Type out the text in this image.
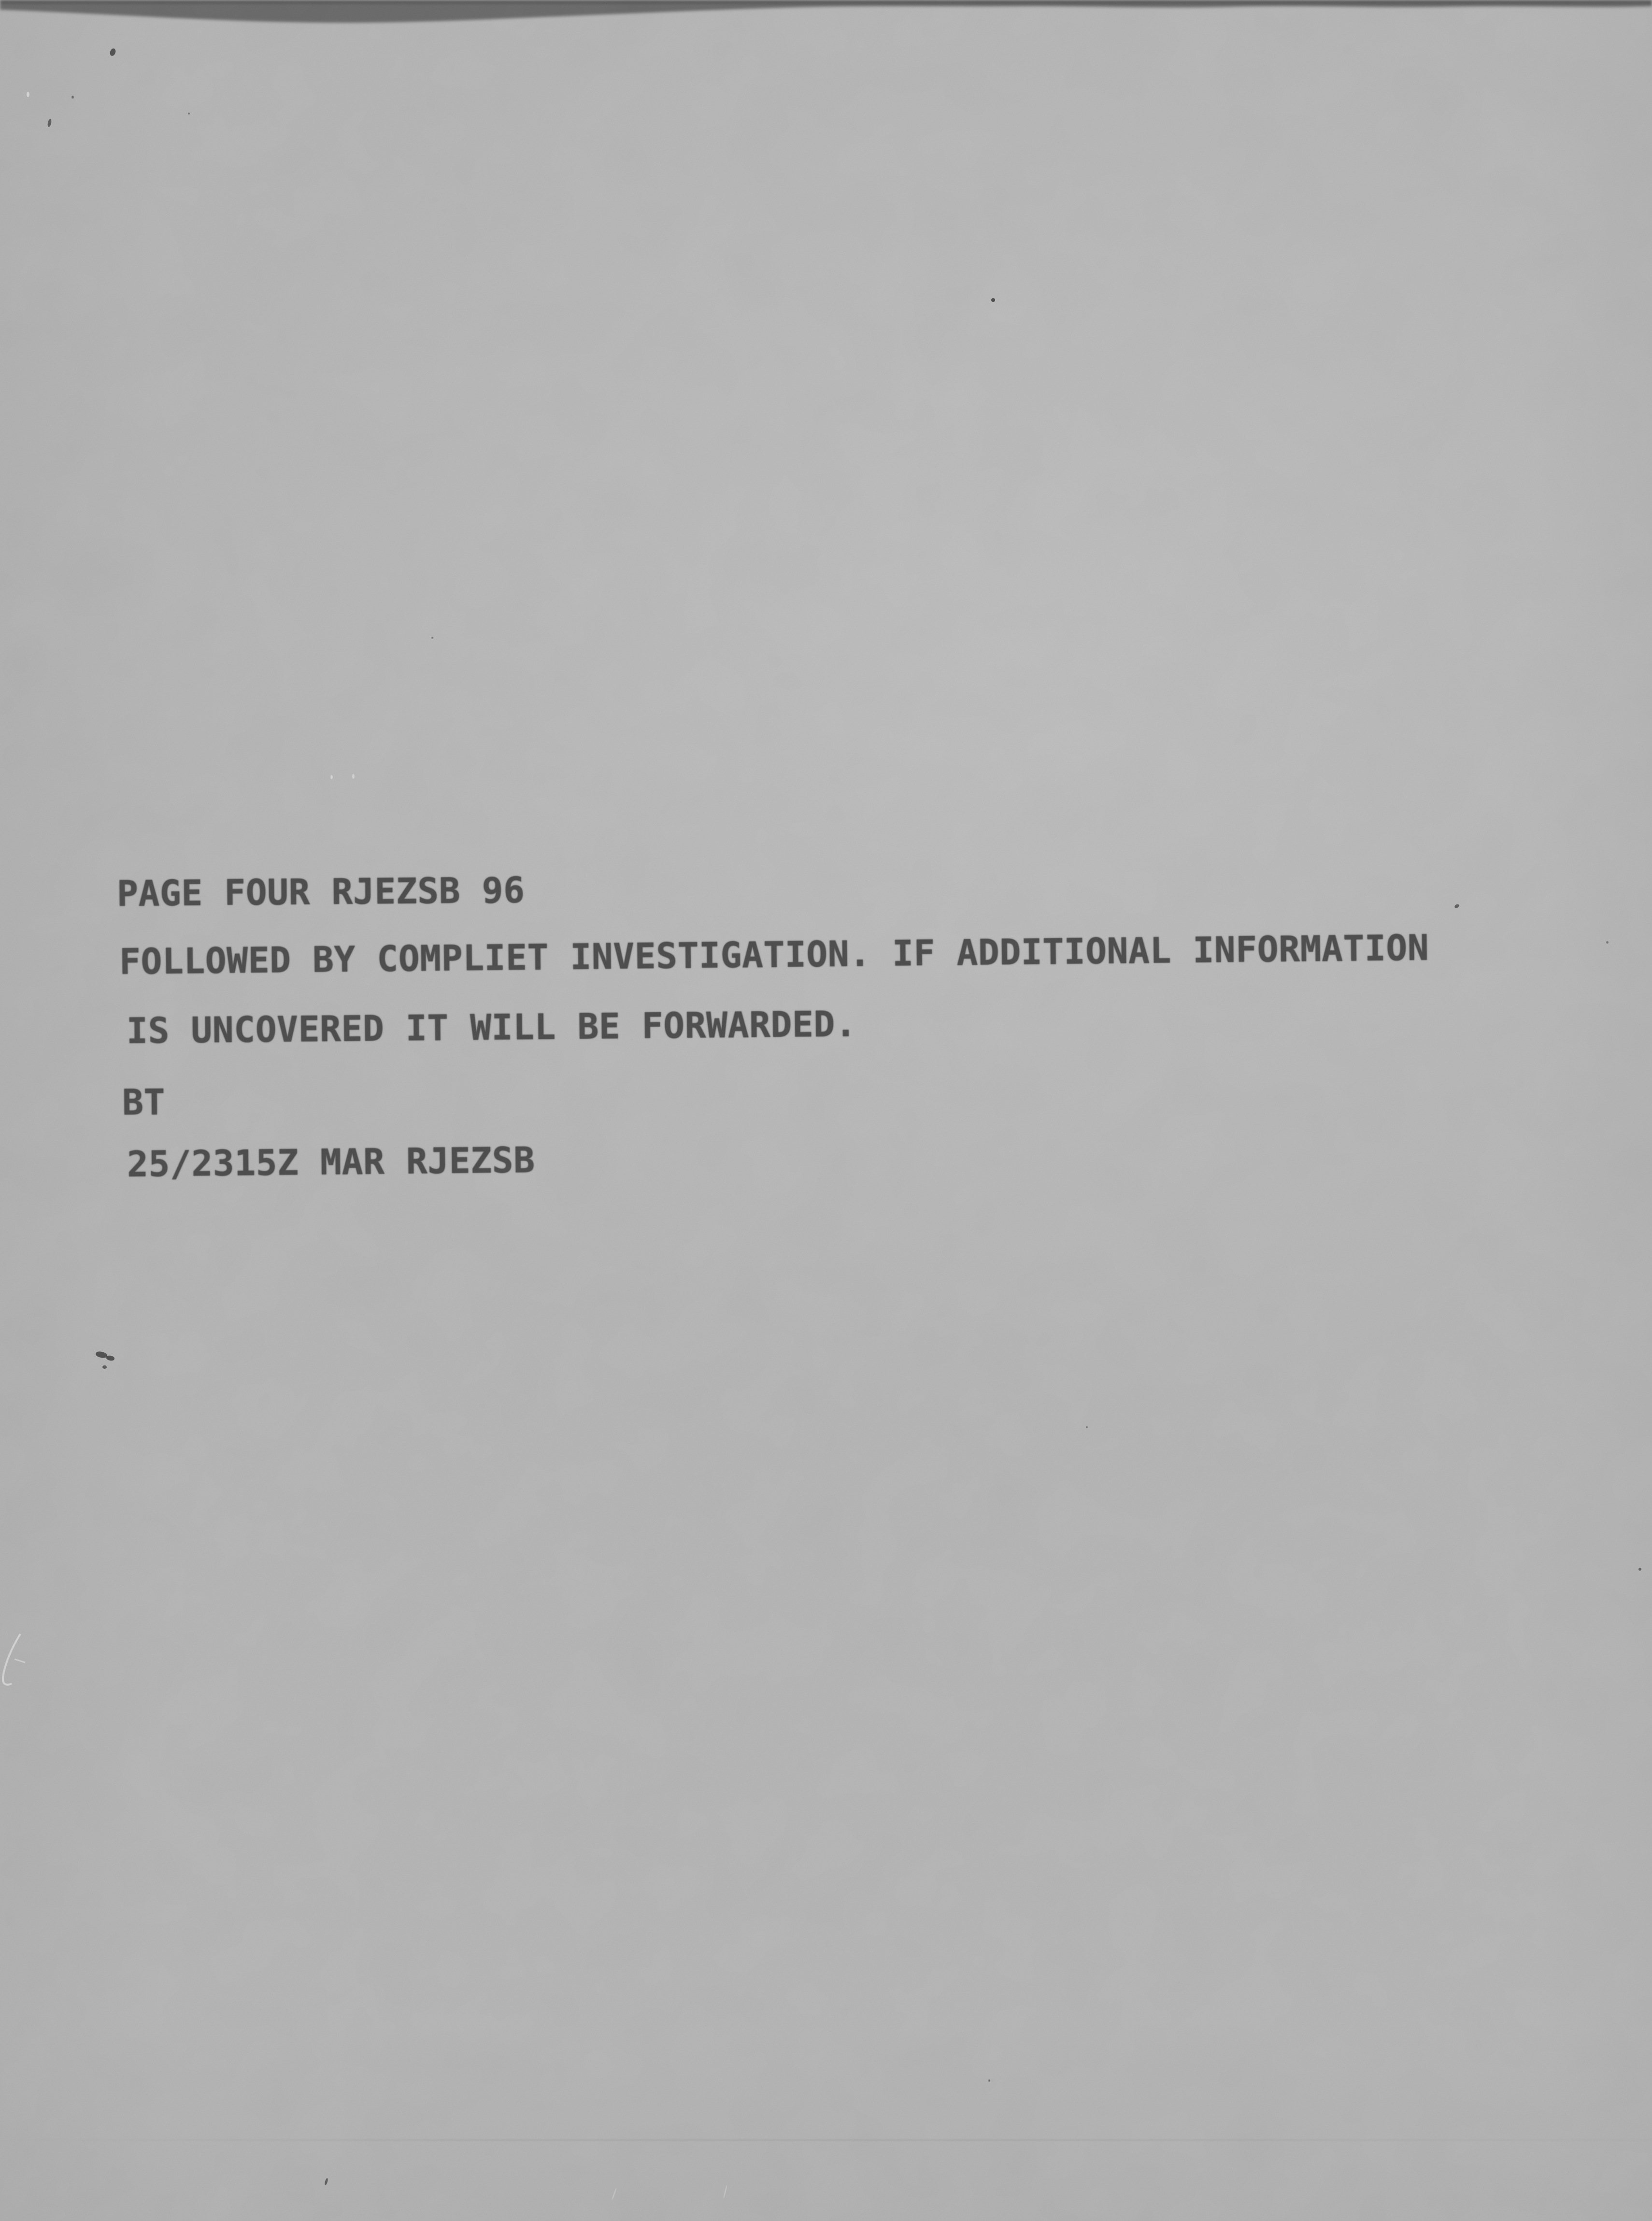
PAGE FOUR RJEZSB 96
FOLLOWED BY COMPLIET INVESTIGATION. IF ADDITIONAL INFORMATION
IS UNCOVERED IT WILL BE FORWARDED.
BT
25/2315Z MAR RJEZSB
